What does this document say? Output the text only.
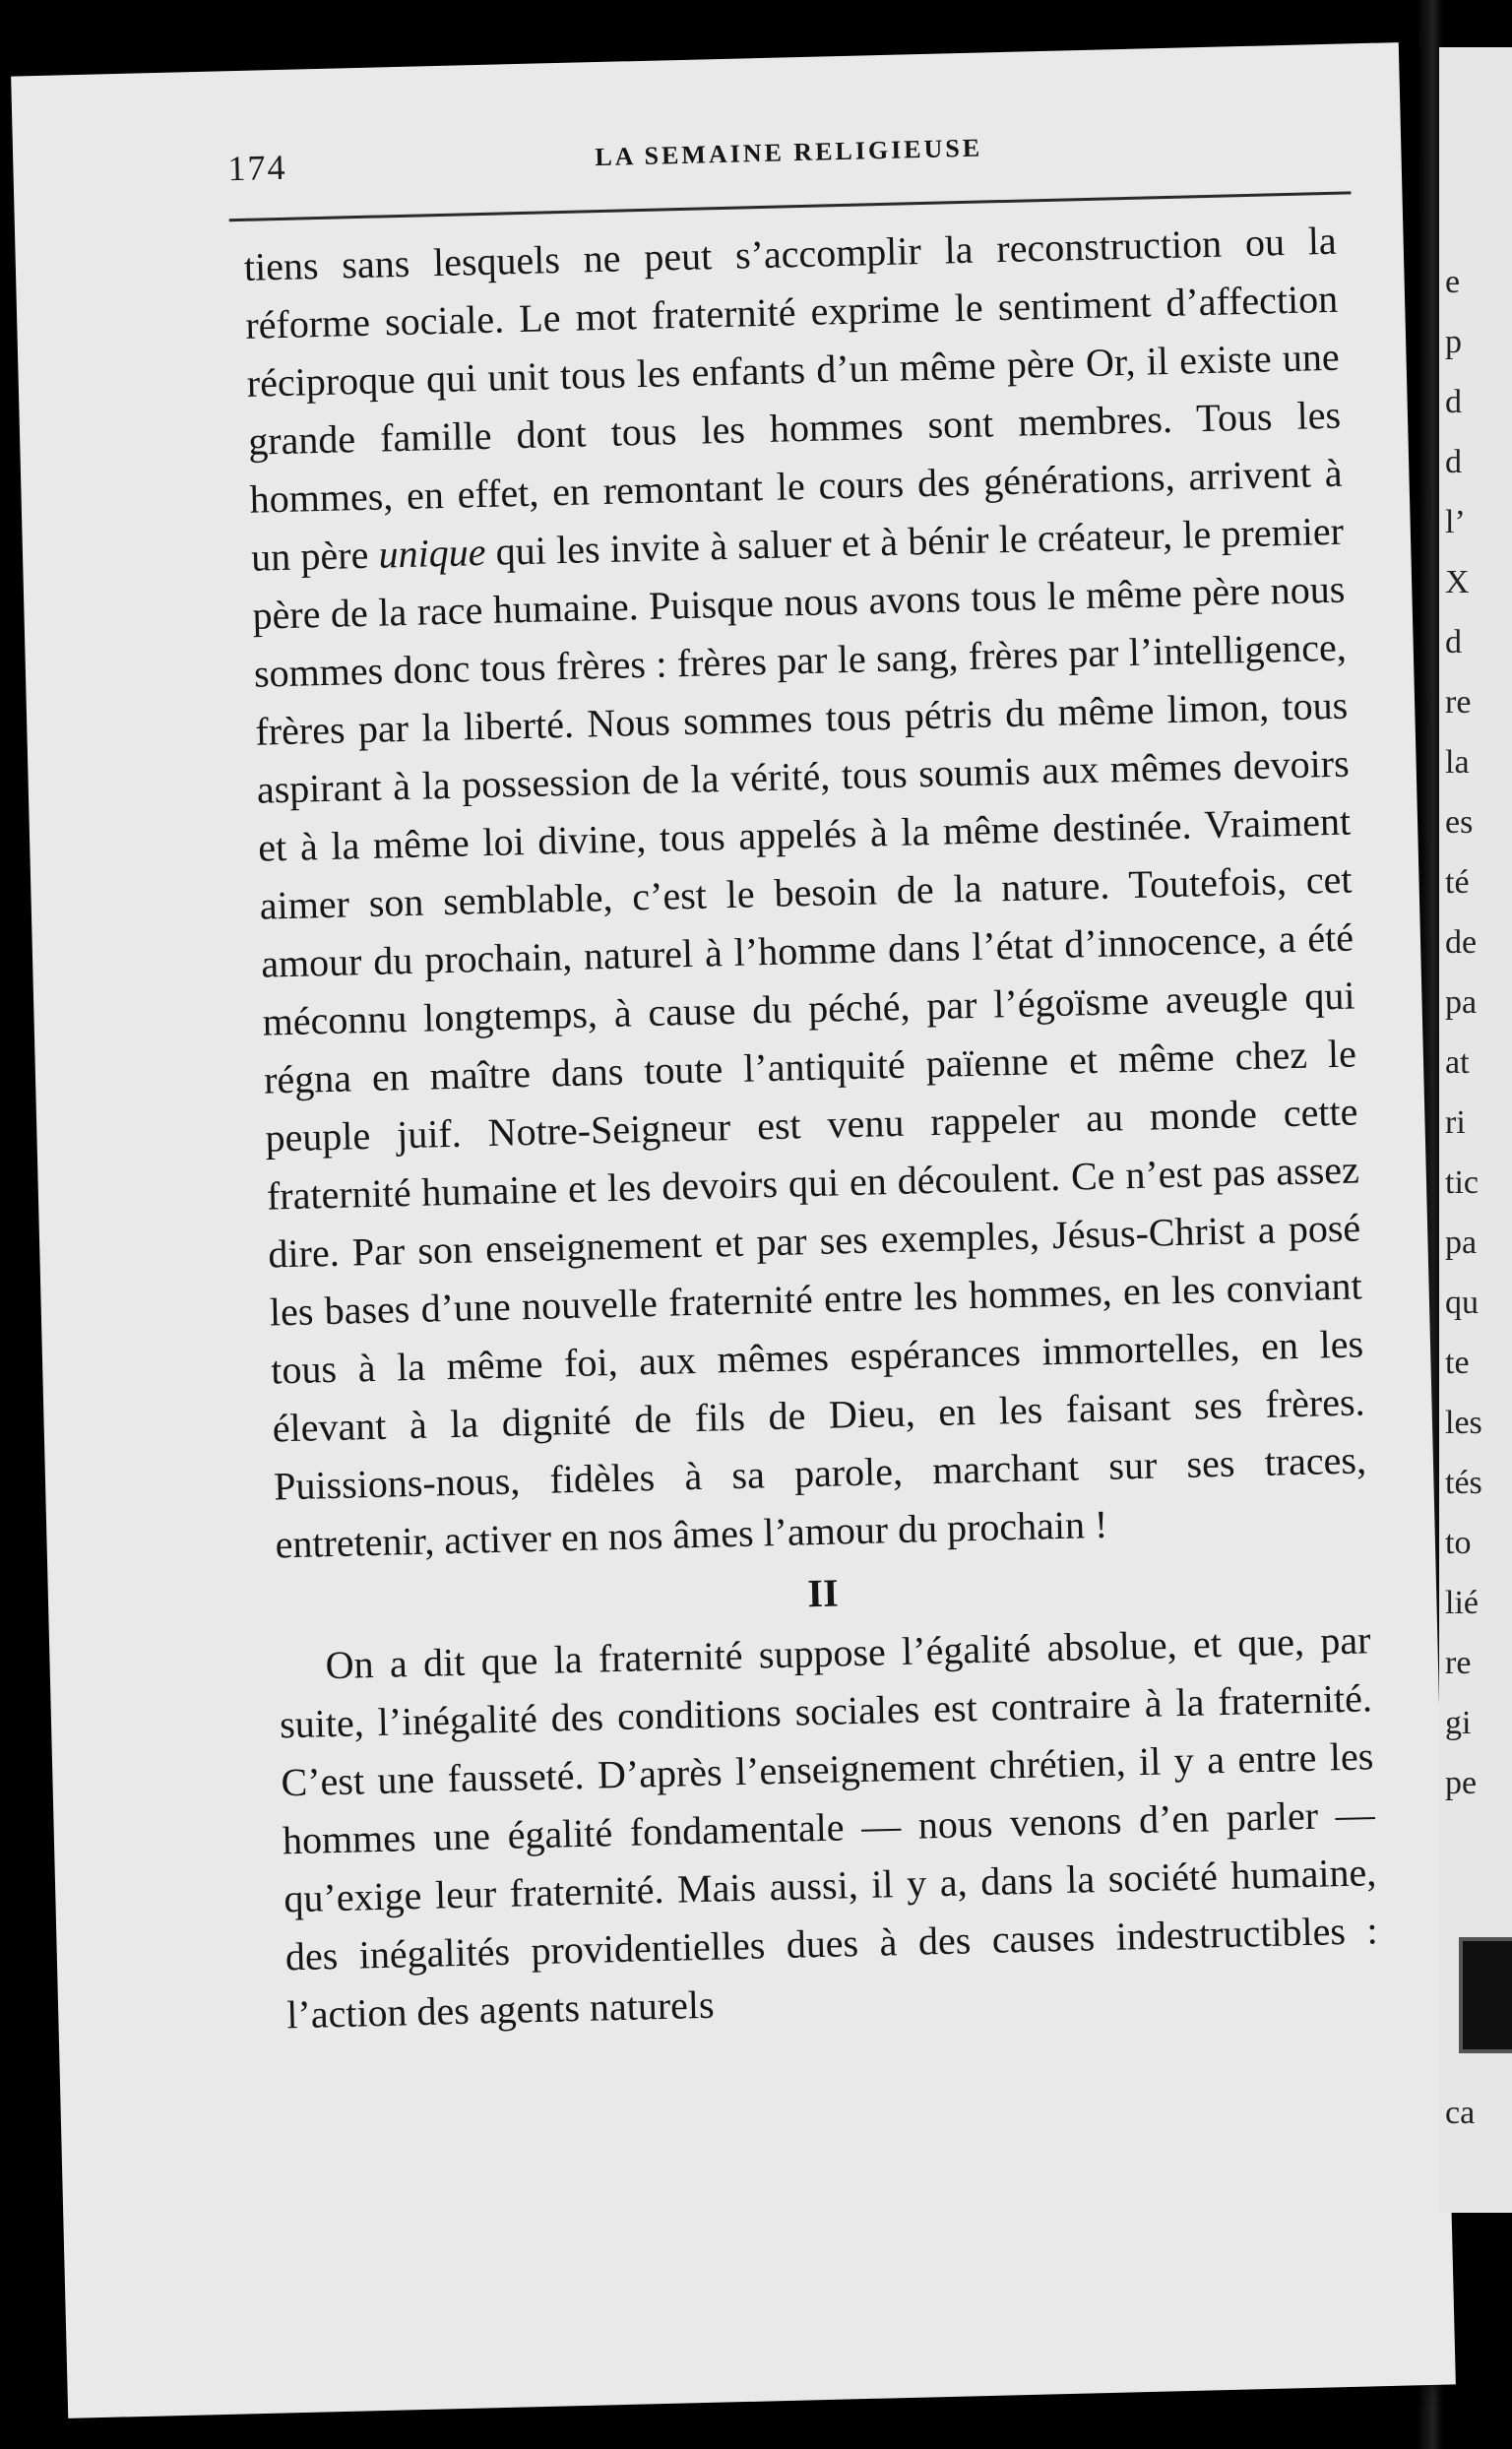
174	LA SEMAINE RELIGIEUSE

tiens sans lesquels ne peut s’accomplir la reconstruction ou la réforme sociale. Le mot fraternité exprime le sentiment d’affection réciproque qui unit tous les enfants d’un même père Or, il existe une grande famille dont tous les hommes sont membres. Tous les hommes, en effet, en remontant le cours des générations, arrivent à un père unique qui les invite à saluer et à bénir le créateur, le premier père de la race humaine. Puisque nous avons tous le même père nous sommes donc tous frères : frères par le sang, frères par l’intelligence, frères par la liberté. Nous sommes tous pétris du même limon, tous aspirant à la possession de la vérité, tous soumis aux mêmes devoirs et à la même loi divine, tous appelés à la même destinée. Vraiment aimer son semblable, c’est le besoin de la nature. Toutefois, cet amour du prochain, naturel à l’homme dans l’état d’innocence, a été méconnu longtemps, à cause du péché, par l’égoïsme aveugle qui régna en maître dans toute l’antiquité païenne et même chez le peuple juif. Notre-Seigneur est venu rappeler au monde cette fraternité humaine et les devoirs qui en découlent. Ce n’est pas assez dire. Par son enseignement et par ses exemples, Jésus-Christ a posé les bases d’une nouvelle fraternité entre les hommes, en les conviant tous à la même foi, aux mêmes espérances immortelles, en les élevant à la dignité de fils de Dieu, en les faisant ses frères. Puissions-nous, fidèles à sa parole, marchant sur ses traces, entretenir, activer en nos âmes l’amour du prochain !

II

On a dit que la fraternité suppose l’égalité absolue, et que, par suite, l’inégalité des conditions sociales est contraire à la fraternité. C’est une fausseté. D’après l’enseignement chrétien, il y a entre les hommes une égalité fondamentale — nous venons d’en parler — qu’exige leur fraternité. Mais aussi, il y a, dans la société humaine, des inégalités providentielles dues à des causes indestructibles : l’action des agents naturels

e
p
d
d
l’
X
d
re
la
es
té
de
pa
at
ri
tic
pa
qu
te
les
tés
to
lié
re
gi
pe
ca
